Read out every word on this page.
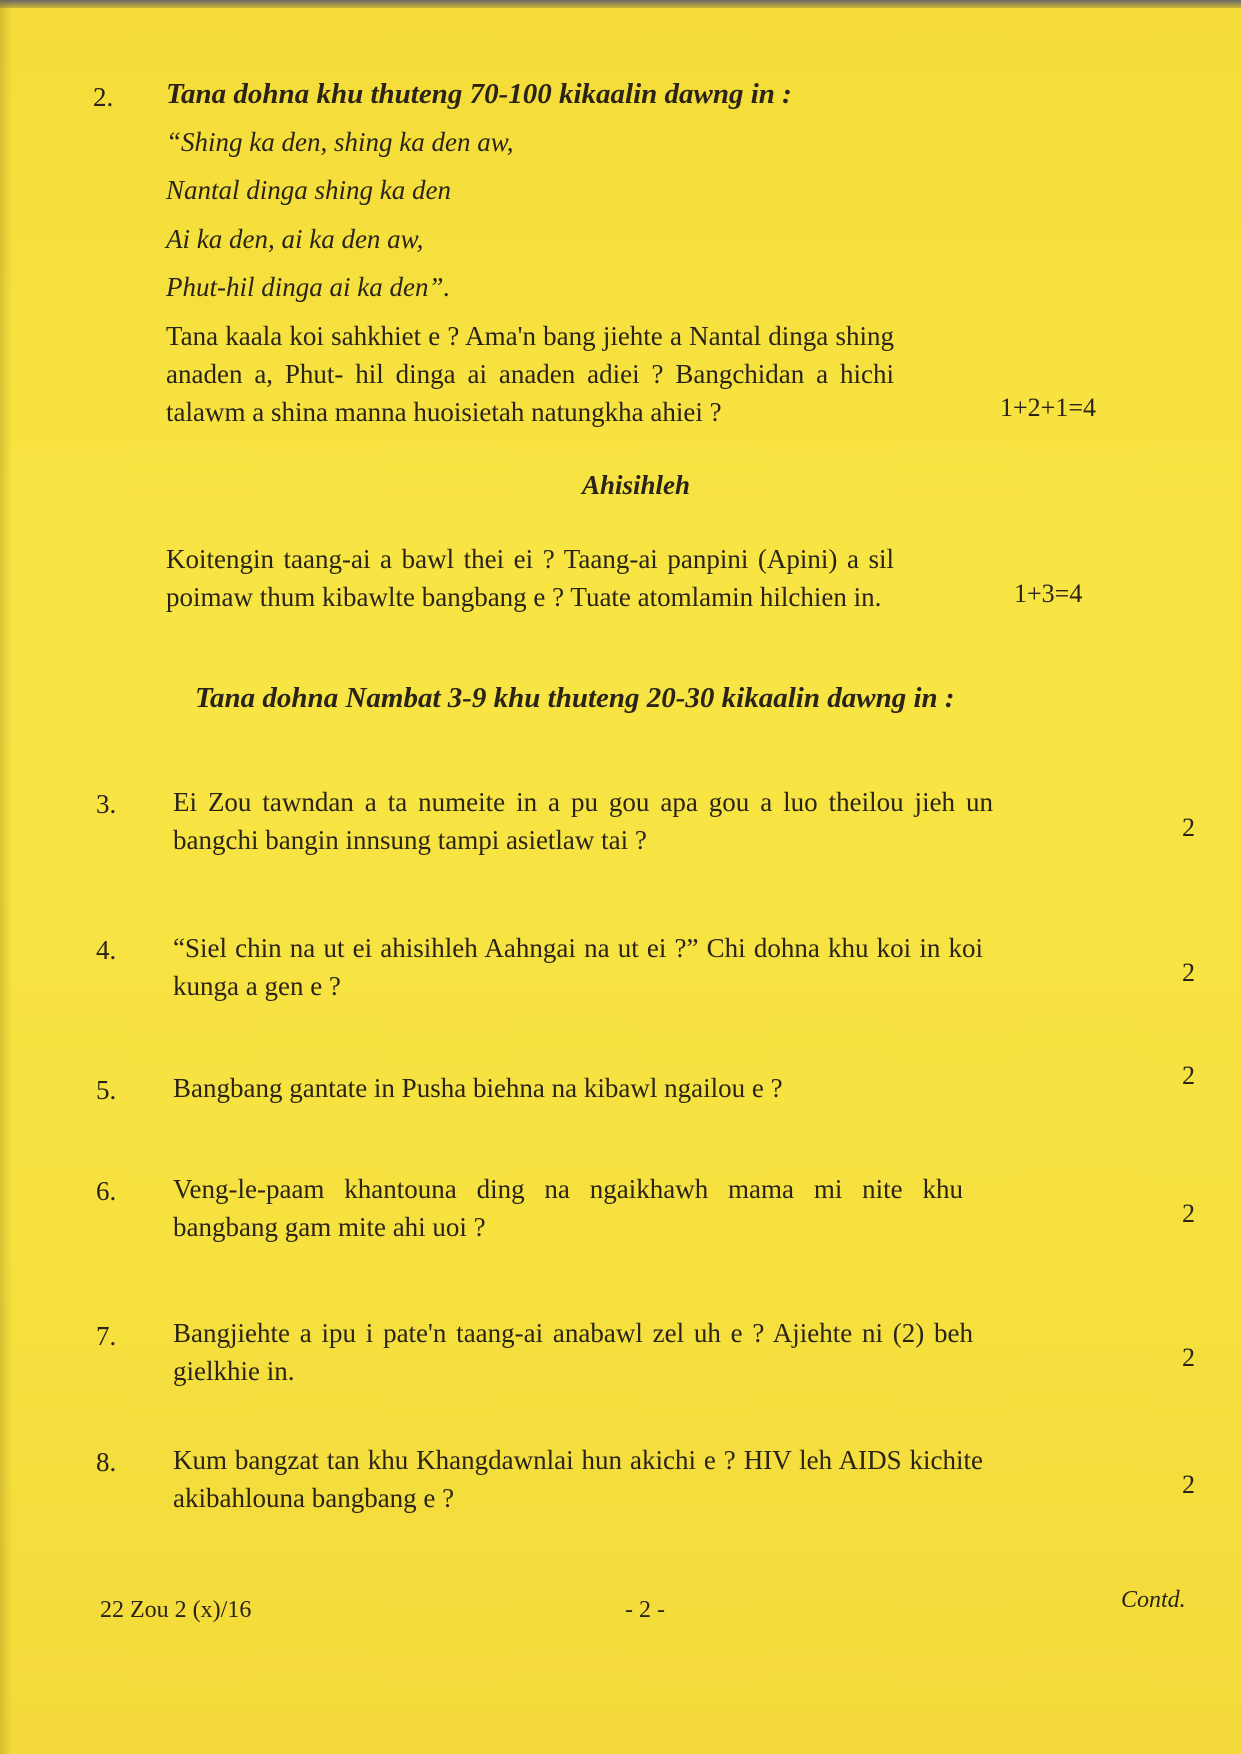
2. Tana dohna khu thuteng 70-100 kikaalin dawng in :
“Shing ka den, shing ka den aw,
Nantal dinga shing ka den
Ai ka den, ai ka den aw,
Phut-hil dinga ai ka den”.
Tana kaala koi sahkhiet e ? Ama'n bang jiehte a Nantal dinga shing anaden a, Phut- hil dinga ai anaden adiei ? Bangchidan a hichi talawm a shina manna huoisietah natungkha ahiei ?	1+2+1=4
Ahisihleh
Koitengin taang-ai a bawl thei ei ? Taang-ai panpini (Apini) a sil poimaw thum kibawlte bangbang e ? Tuate atomlamin hilchien in.	1+3=4
Tana dohna Nambat 3-9 khu thuteng 20-30 kikaalin dawng in :
3. Ei Zou tawndan a ta numeite in a pu gou apa gou a luo theilou jieh un bangchi bangin innsung tampi asietlaw tai ?	2
4. “Siel chin na ut ei ahisihleh Aahngai na ut ei ?” Chi dohna khu koi in koi kunga a gen e ?	2
5. Bangbang gantate in Pusha biehna na kibawl ngailou e ?	2
6. Veng-le-paam khantouna ding na ngaikhawh mama mi nite khu bangbang gam mite ahi uoi ?	2
7. Bangjiehte a ipu i pate'n taang-ai anabawl zel uh e ? Ajiehte ni (2) beh gielkhie in.	2
8. Kum bangzat tan khu Khangdawnlai hun akichi e ? HIV leh AIDS kichite akibahlouna bangbang e ?	2
22 Zou 2 (x)/16	- 2 -	Contd.
